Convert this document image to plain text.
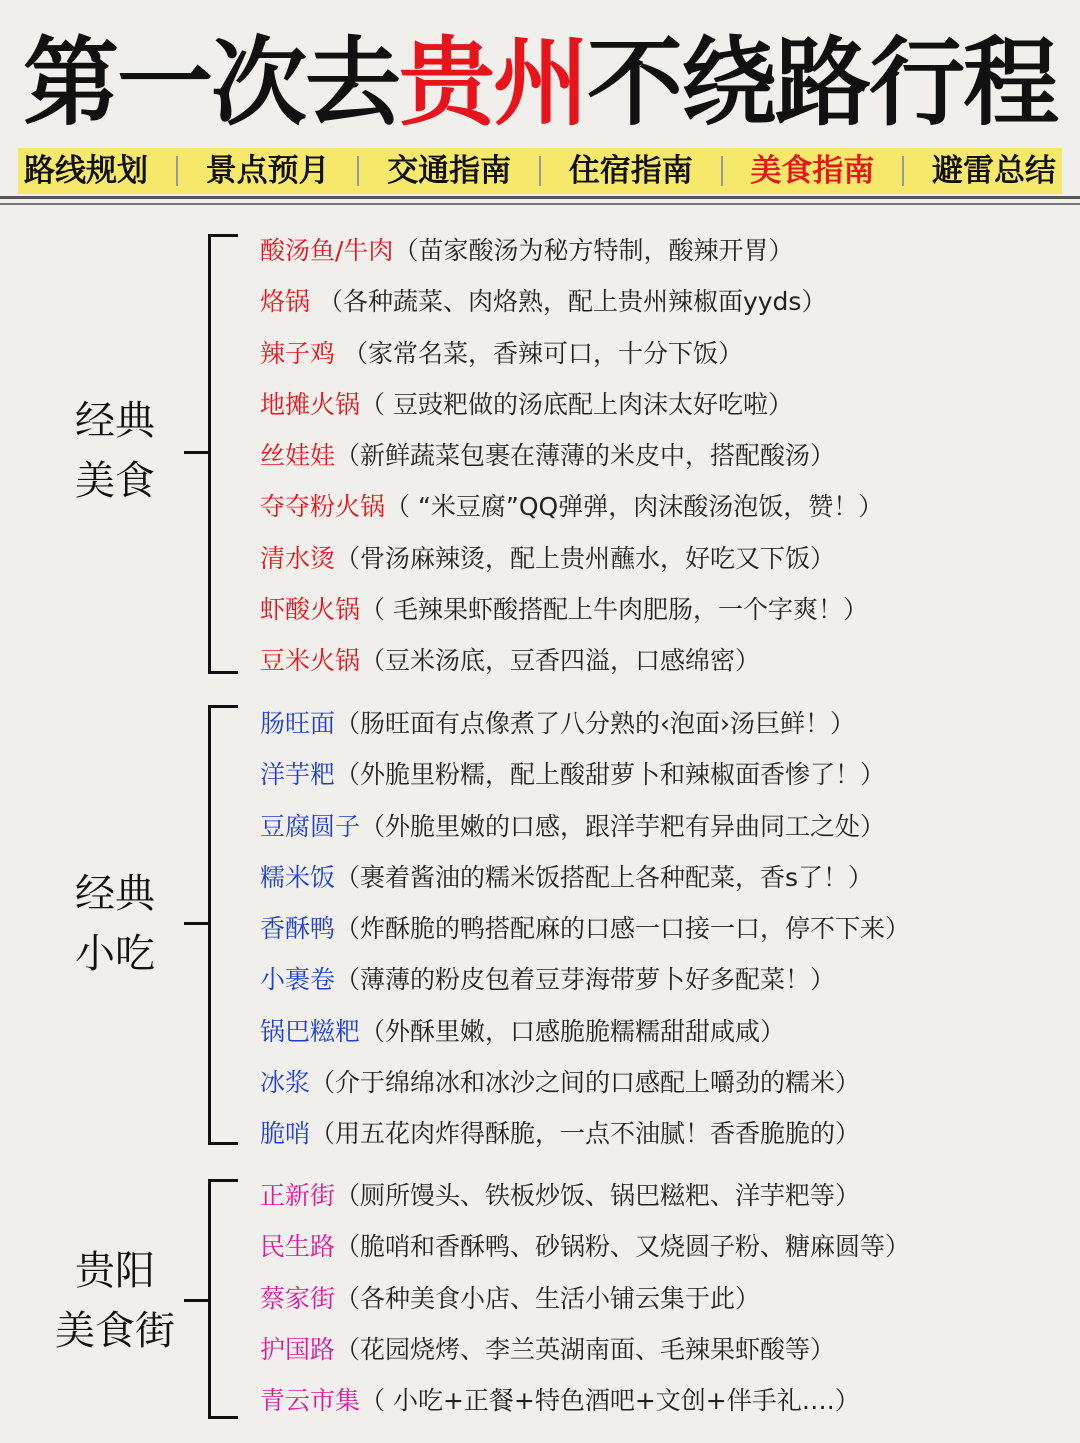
第一次去贵州不绕路行程
路线规划 景点预月 交通指南 住宿指南 美食指南 避雷总结
经典
美食
酸汤鱼/牛肉（苗家酸汤为秘方特制，酸辣开胃）
烙锅 （各种蔬菜、肉烙熟，配上贵州辣椒面yyds）
辣子鸡 （家常名菜，香辣可口，十分下饭）
地摊火锅（ 豆豉粑做的汤底配上肉沫太好吃啦）
丝娃娃（新鲜蔬菜包裹在薄薄的米皮中，搭配酸汤）
夺夺粉火锅（ “米豆腐”QQ弹弹，肉沫酸汤泡饭，赞！）
清水烫（骨汤麻辣烫，配上贵州蘸水，好吃又下饭）
虾酸火锅（ 毛辣果虾酸搭配上牛肉肥肠，一个字爽！）
豆米火锅（豆米汤底，豆香四溢，口感绵密）
经典
小吃
肠旺面（肠旺面有点像煮了八分熟的‹泡面›汤巨鲜！）
洋芋粑（外脆里粉糯，配上酸甜萝卜和辣椒面香惨了！）
豆腐圆子（外脆里嫩的口感，跟洋芋粑有异曲同工之处）
糯米饭（裹着酱油的糯米饭搭配上各种配菜，香s了！）
香酥鸭（炸酥脆的鸭搭配麻的口感一口接一口，停不下来）
小裹卷（薄薄的粉皮包着豆芽海带萝卜好多配菜！）
锅巴糍粑（外酥里嫩，口感脆脆糯糯甜甜咸咸）
冰浆（介于绵绵冰和冰沙之间的口感配上嚼劲的糯米）
脆哨（用五花肉炸得酥脆，一点不油腻！香香脆脆的）
贵阳
美食街
正新街（厕所馒头、铁板炒饭、锅巴糍粑、洋芋粑等）
民生路（脆哨和香酥鸭、砂锅粉、又烧圆子粉、糖麻圆等）
蔡家街（各种美食小店、生活小铺云集于此）
护国路（花园烧烤、李兰英湖南面、毛辣果虾酸等）
青云市集（ 小吃+正餐+特色酒吧+文创+伴手礼….）
